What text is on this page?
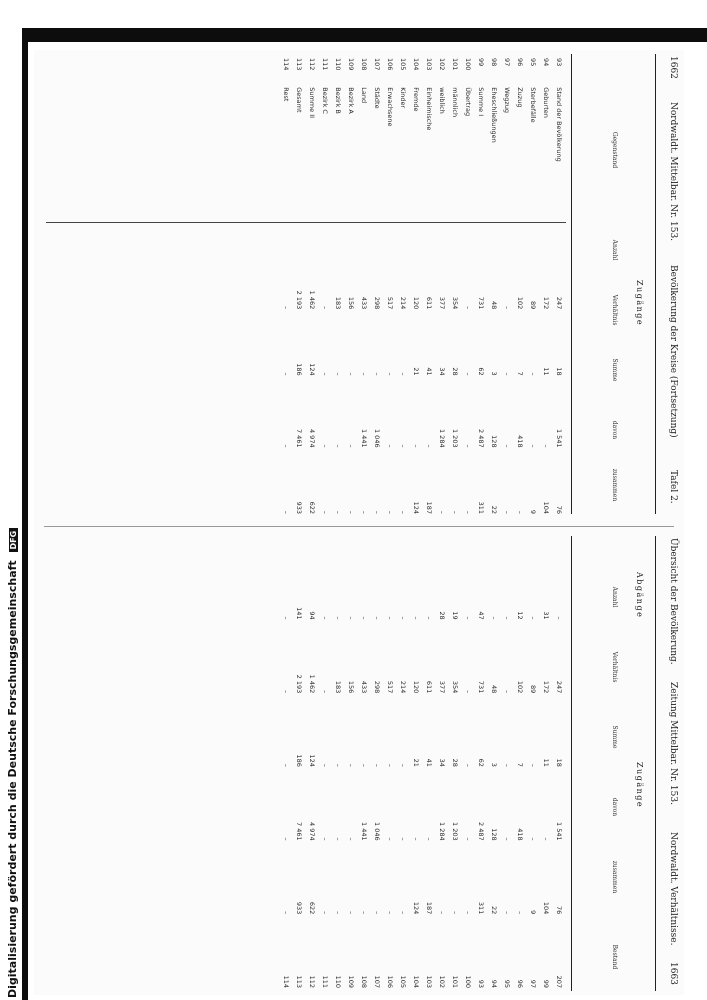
1662
Nordwaldt. Mittelbar. Nr. 153.
Bevölkerung der Kreise (Fortsetzung)
Tafel 2.
Zugänge
Gegenstand
Anzahl
Verhältnis
Summe
davon
zusammen
93	Stand der Bevölkerung	247	18	1 541	76
94	Geburten	172	11	–	104
95	Sterbefälle	89	–	–	9
96	Zuzug	102	7	418	–
97	Wegzug	–	–	–	–
98	Eheschließungen	48	3	128	22
99	Summe I	731	62	2 487	311
100	Übertrag	–	–	–	–
101	männlich	354	28	1 203	–
102	weiblich	377	34	1 284	–
103	Einheimische	611	41	–	187
104	Fremde	120	21	–	124
105	Kinder	214	–	–	–
106	Erwachsene	517	–	–	–
107	Städte	298	–	1 046	–
108	Land	433	–	1 441	–
109	Bezirk A	156	–	–	–
110	Bezirk B	183	–	–	–
111	Bezirk C	–	–	–	–
112	Summe II	1 462	124	4 974	622
113	Gesamt	2 193	186	7 461	933
114	Rest	–	–	–	–
Übersicht der Bevölkerung.
Zeitung Mittelbar. Nr. 153.
Nordwaldt. Verhältnisse.
1663
Zugänge
Abgänge
Anzahl
Verhältnis
Summe
davon
zusammen
Bestand
–	247	18	1 541	76	207
31	172	11	–	104	99
–	89	–	–	9	97
12	102	7	418	–	96
–	–	–	–	–	95
–	48	3	128	22	94
47	731	62	2 487	311	93
–	–	–	–	–	100
19	354	28	1 203	–	101
28	377	34	1 284	–	102
–	611	41	–	187	103
–	120	21	–	124	104
–	214	–	–	–	105
–	517	–	–	–	106
–	298	–	1 046	–	107
–	433	–	1 441	–	108
–	156	–	–	–	109
–	183	–	–	–	110
–	–	–	–	–	111
94	1 462	124	4 974	622	112
141	2 193	186	7 461	933	113
–	–	–	–	–	114
Digitalisierung gefördert durch die Deutsche Forschungsgemeinschaft DFG
